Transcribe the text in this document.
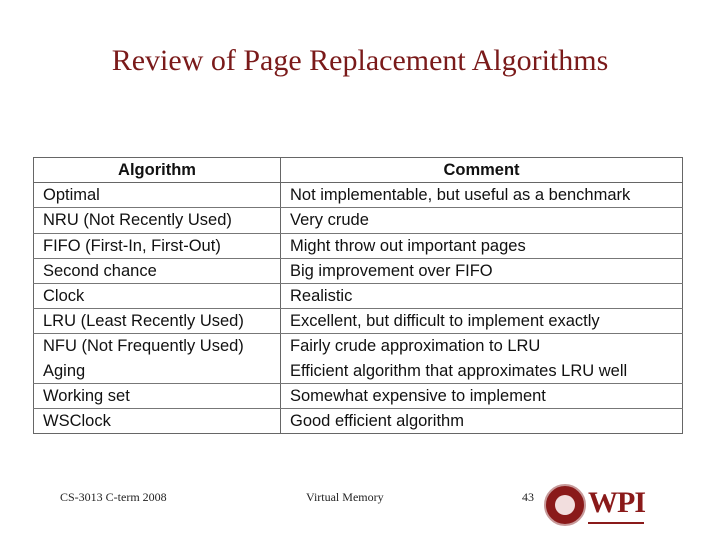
Review of Page Replacement Algorithms
Algorithm	Comment
Optimal	Not implementable, but useful as a benchmark
NRU (Not Recently Used)	Very crude
FIFO (First-In, First-Out)	Might throw out important pages
Second chance	Big improvement over FIFO
Clock	Realistic
LRU (Least Recently Used)	Excellent, but difficult to implement exactly
NFU (Not Frequently Used)	Fairly crude approximation to LRU
Aging	Efficient algorithm that approximates LRU well
Working set	Somewhat expensive to implement
WSClock	Good efficient algorithm
CS-3013 C-term 2008	Virtual Memory	43 WPI
